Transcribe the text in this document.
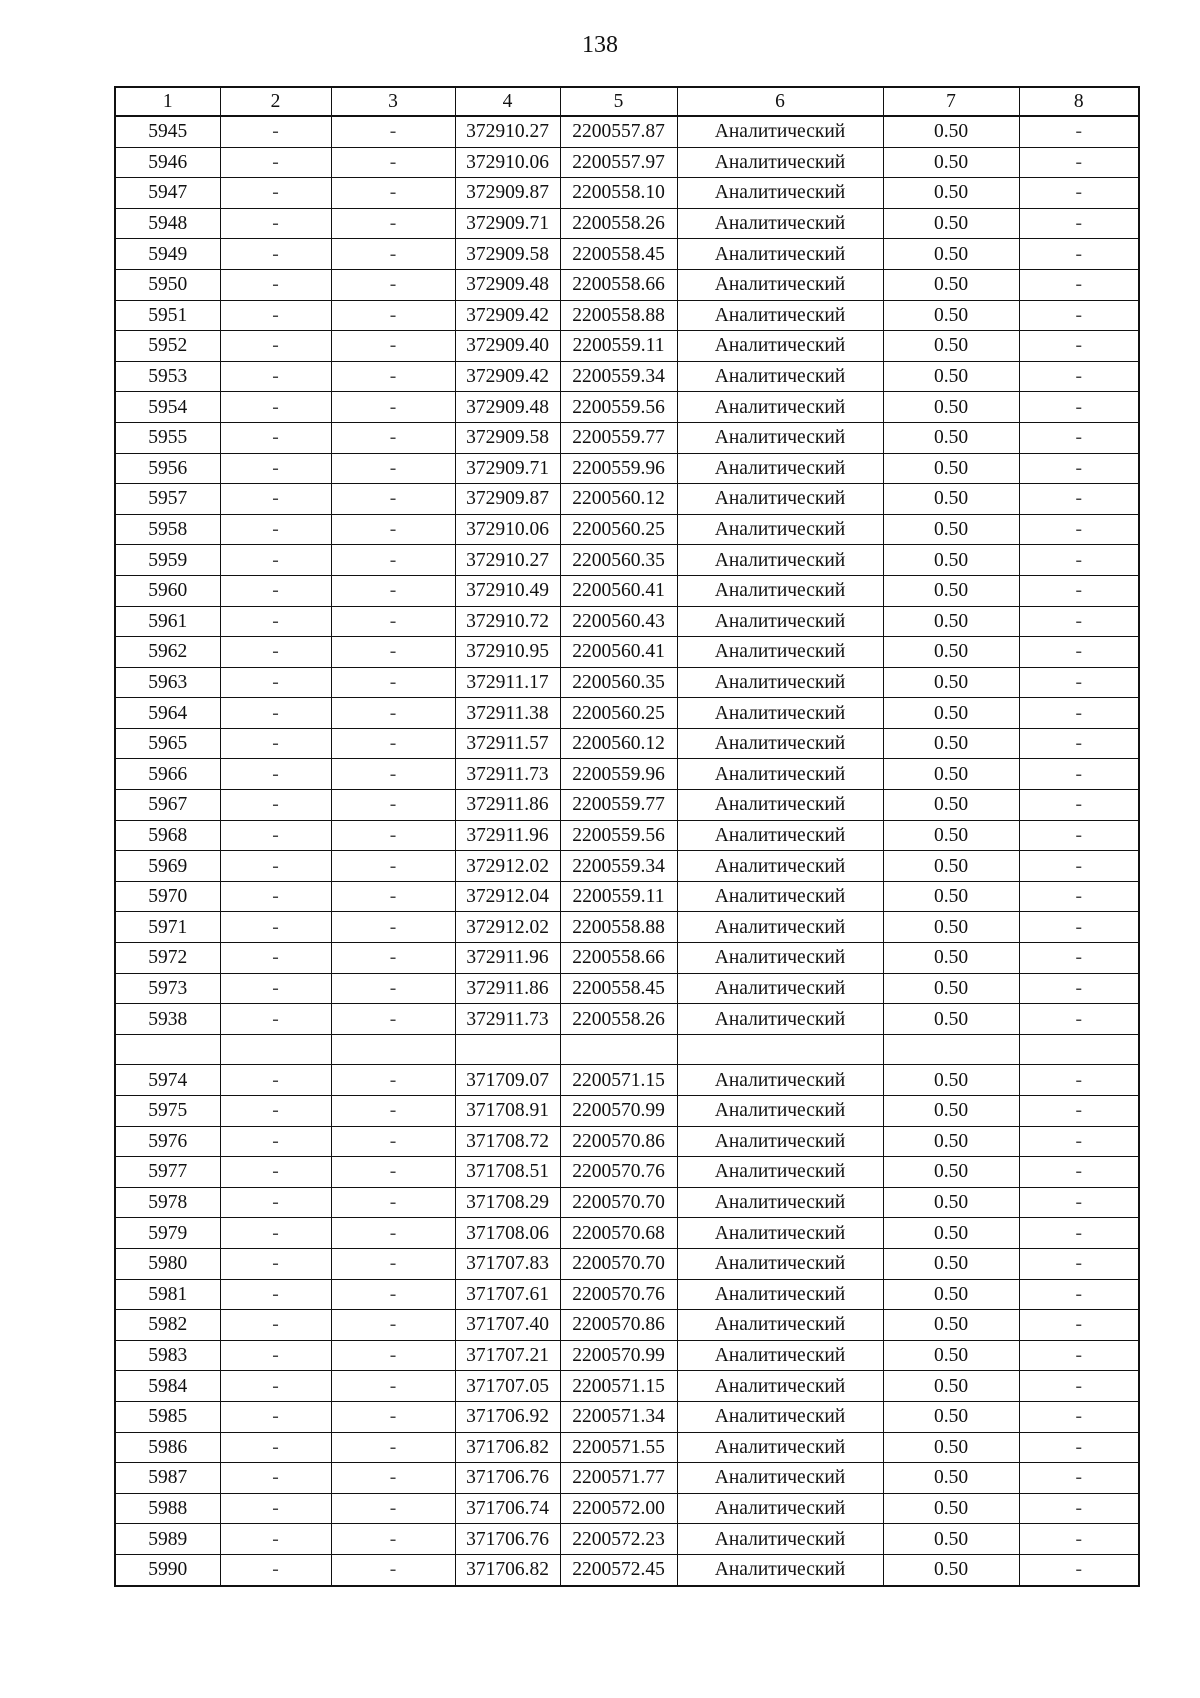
138
1	2	3	4	5	6	7	8
5945	-	-	372910.27	2200557.87	Аналитический	0.50	-
5946	-	-	372910.06	2200557.97	Аналитический	0.50	-
5947	-	-	372909.87	2200558.10	Аналитический	0.50	-
5948	-	-	372909.71	2200558.26	Аналитический	0.50	-
5949	-	-	372909.58	2200558.45	Аналитический	0.50	-
5950	-	-	372909.48	2200558.66	Аналитический	0.50	-
5951	-	-	372909.42	2200558.88	Аналитический	0.50	-
5952	-	-	372909.40	2200559.11	Аналитический	0.50	-
5953	-	-	372909.42	2200559.34	Аналитический	0.50	-
5954	-	-	372909.48	2200559.56	Аналитический	0.50	-
5955	-	-	372909.58	2200559.77	Аналитический	0.50	-
5956	-	-	372909.71	2200559.96	Аналитический	0.50	-
5957	-	-	372909.87	2200560.12	Аналитический	0.50	-
5958	-	-	372910.06	2200560.25	Аналитический	0.50	-
5959	-	-	372910.27	2200560.35	Аналитический	0.50	-
5960	-	-	372910.49	2200560.41	Аналитический	0.50	-
5961	-	-	372910.72	2200560.43	Аналитический	0.50	-
5962	-	-	372910.95	2200560.41	Аналитический	0.50	-
5963	-	-	372911.17	2200560.35	Аналитический	0.50	-
5964	-	-	372911.38	2200560.25	Аналитический	0.50	-
5965	-	-	372911.57	2200560.12	Аналитический	0.50	-
5966	-	-	372911.73	2200559.96	Аналитический	0.50	-
5967	-	-	372911.86	2200559.77	Аналитический	0.50	-
5968	-	-	372911.96	2200559.56	Аналитический	0.50	-
5969	-	-	372912.02	2200559.34	Аналитический	0.50	-
5970	-	-	372912.04	2200559.11	Аналитический	0.50	-
5971	-	-	372912.02	2200558.88	Аналитический	0.50	-
5972	-	-	372911.96	2200558.66	Аналитический	0.50	-
5973	-	-	372911.86	2200558.45	Аналитический	0.50	-
5938	-	-	372911.73	2200558.26	Аналитический	0.50	-

5974	-	-	371709.07	2200571.15	Аналитический	0.50	-
5975	-	-	371708.91	2200570.99	Аналитический	0.50	-
5976	-	-	371708.72	2200570.86	Аналитический	0.50	-
5977	-	-	371708.51	2200570.76	Аналитический	0.50	-
5978	-	-	371708.29	2200570.70	Аналитический	0.50	-
5979	-	-	371708.06	2200570.68	Аналитический	0.50	-
5980	-	-	371707.83	2200570.70	Аналитический	0.50	-
5981	-	-	371707.61	2200570.76	Аналитический	0.50	-
5982	-	-	371707.40	2200570.86	Аналитический	0.50	-
5983	-	-	371707.21	2200570.99	Аналитический	0.50	-
5984	-	-	371707.05	2200571.15	Аналитический	0.50	-
5985	-	-	371706.92	2200571.34	Аналитический	0.50	-
5986	-	-	371706.82	2200571.55	Аналитический	0.50	-
5987	-	-	371706.76	2200571.77	Аналитический	0.50	-
5988	-	-	371706.74	2200572.00	Аналитический	0.50	-
5989	-	-	371706.76	2200572.23	Аналитический	0.50	-
5990	-	-	371706.82	2200572.45	Аналитический	0.50	-
